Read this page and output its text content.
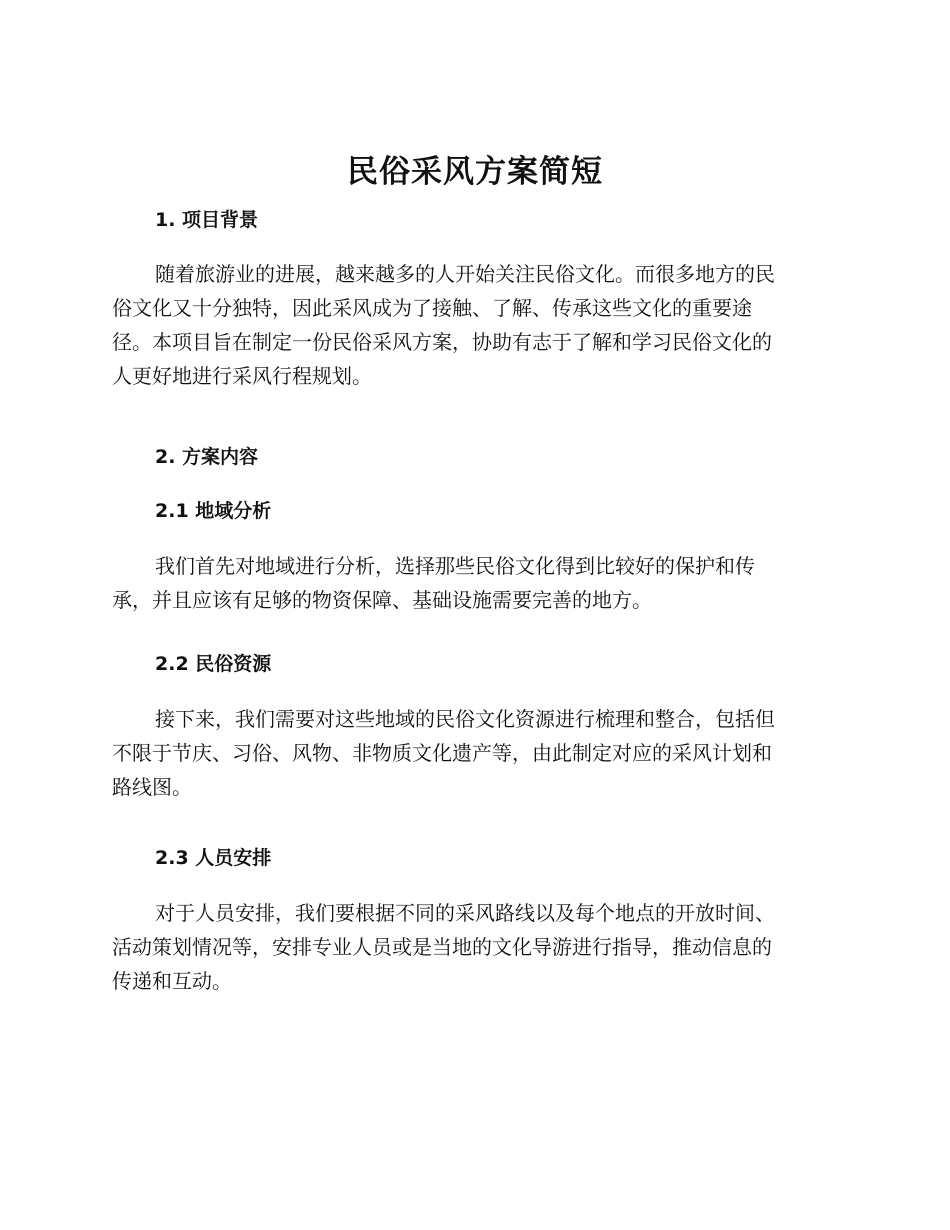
民俗采风方案简短
1. 项目背景
随着旅游业的进展，越来越多的人开始关注民俗文化。而很多地方的民
俗文化又十分独特，因此采风成为了接触、了解、传承这些文化的重要途
径。本项目旨在制定一份民俗采风方案，协助有志于了解和学习民俗文化的
人更好地进行采风行程规划。
2. 方案内容
2.1 地域分析
我们首先对地域进行分析，选择那些民俗文化得到比较好的保护和传
承，并且应该有足够的物资保障、基础设施需要完善的地方。
2.2 民俗资源
接下来，我们需要对这些地域的民俗文化资源进行梳理和整合，包括但
不限于节庆、习俗、风物、非物质文化遗产等，由此制定对应的采风计划和
路线图。
2.3 人员安排
对于人员安排，我们要根据不同的采风路线以及每个地点的开放时间、
活动策划情况等，安排专业人员或是当地的文化导游进行指导，推动信息的
传递和互动。
